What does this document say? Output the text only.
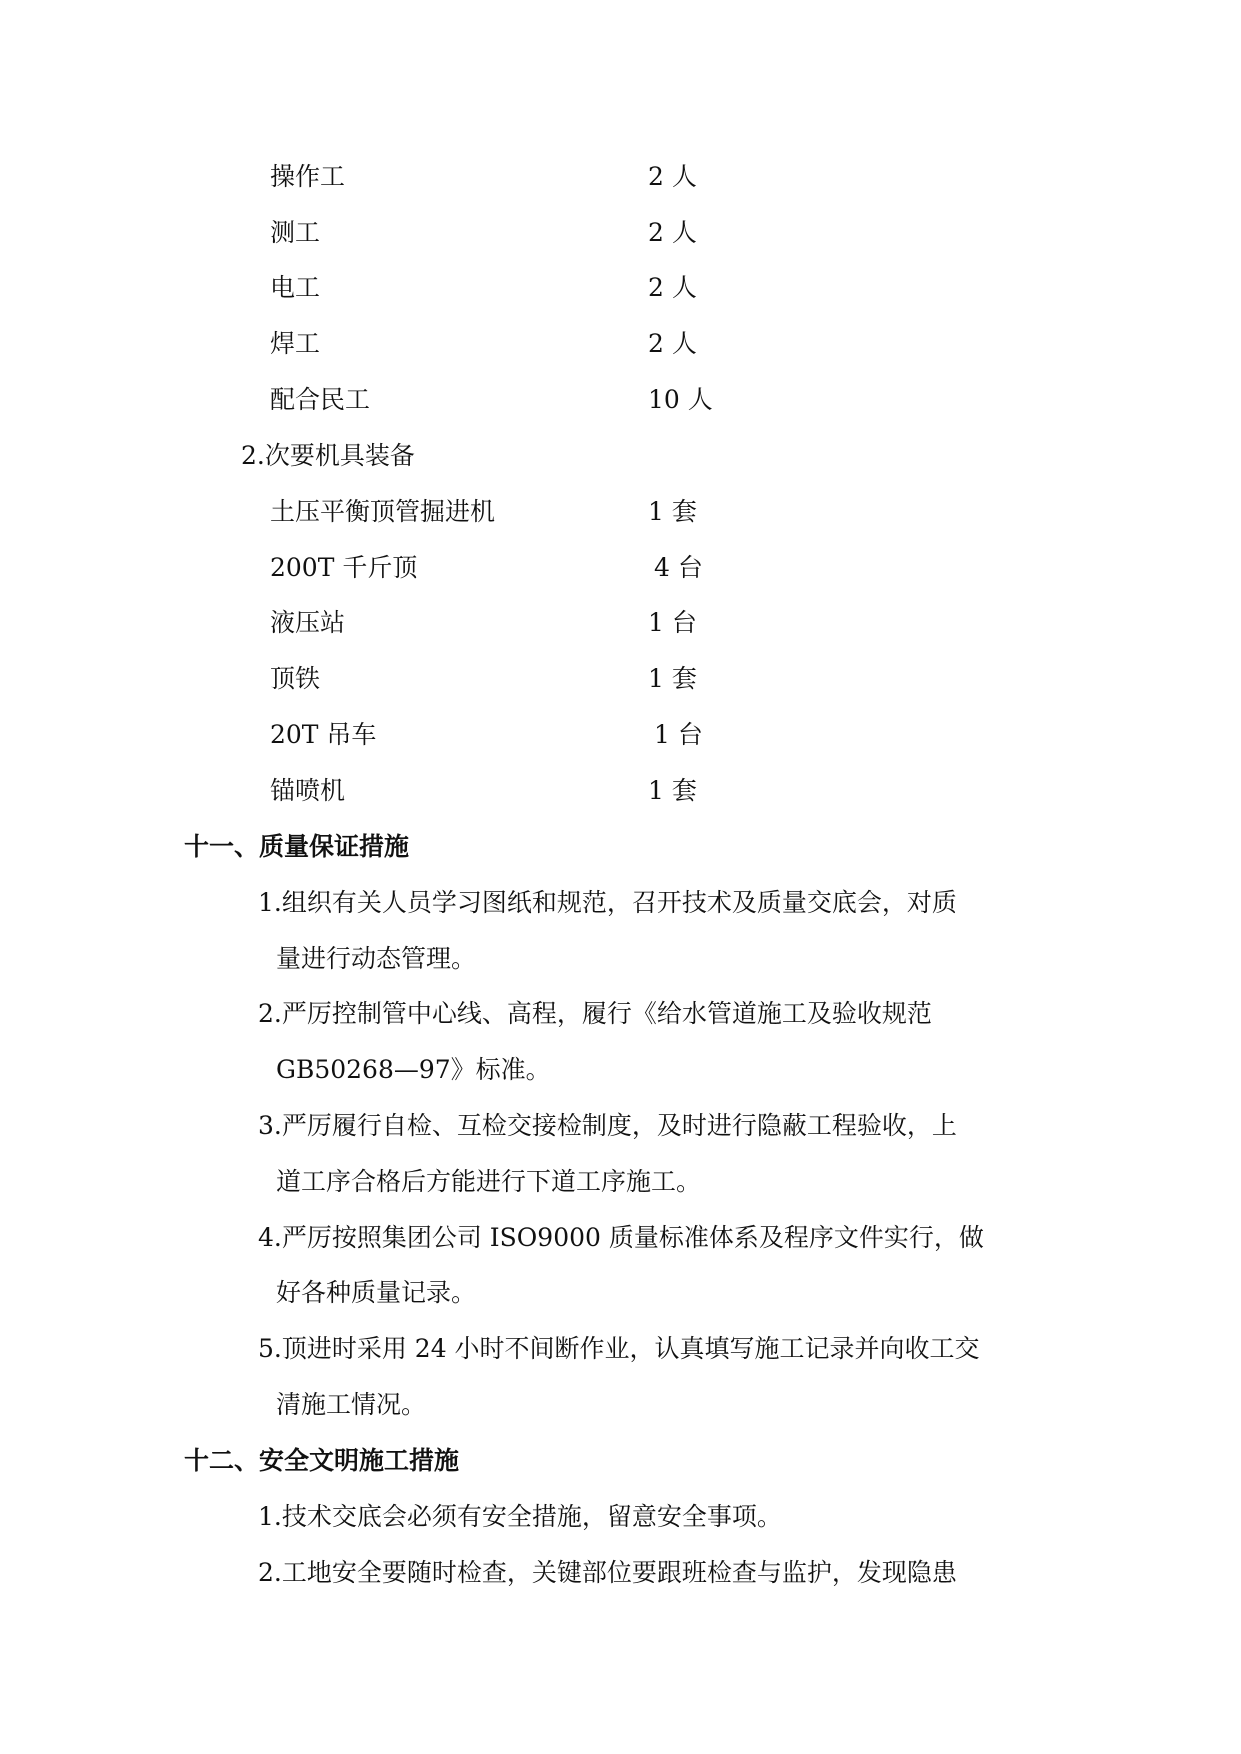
操作工	2 人
测工	2 人
电工	2 人
焊工	2 人
配合民工	10 人
2.次要机具装备
土压平衡顶管掘进机	1 套
200T 千斤顶	4 台
液压站	1 台
顶铁	1 套
20T 吊车	1 台
锚喷机	1 套
十一、质量保证措施
1.组织有关人员学习图纸和规范，召开技术及质量交底会，对质
量进行动态管理。
2.严厉控制管中心线、高程，履行《给水管道施工及验收规范
GB50268—97》标准。
3.严厉履行自检、互检交接检制度，及时进行隐蔽工程验收，上
道工序合格后方能进行下道工序施工。
4.严厉按照集团公司 ISO9000 质量标准体系及程序文件实行，做
好各种质量记录。
5.顶进时采用 24 小时不间断作业，认真填写施工记录并向收工交
清施工情况。
十二、安全文明施工措施
1.技术交底会必须有安全措施，留意安全事项。
2.工地安全要随时检查，关键部位要跟班检查与监护，发现隐患
